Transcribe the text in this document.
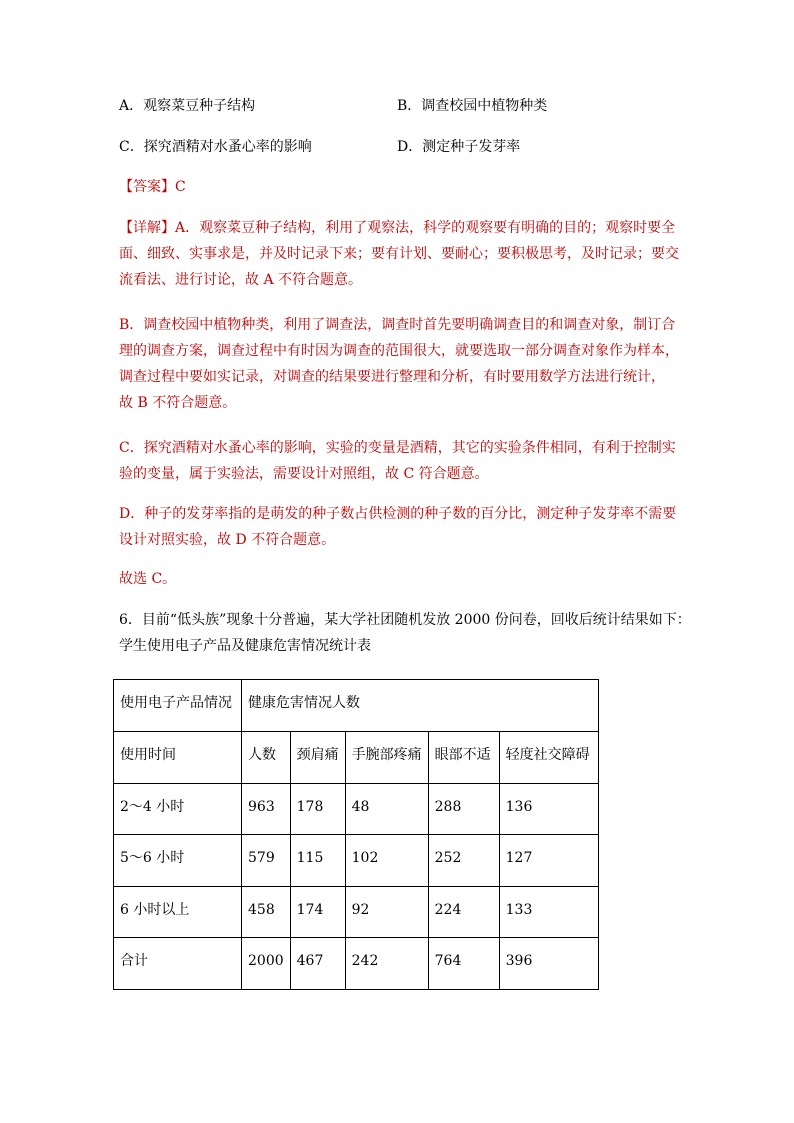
A．观察菜豆种子结构	B．调查校园中植物种类
C．探究酒精对水蚤心率的影响	D．测定种子发芽率
【答案】C
【详解】A．观察菜豆种子结构，利用了观察法，科学的观察要有明确的目的；观察时要全
面、细致、实事求是，并及时记录下来；要有计划、要耐心；要积极思考，及时记录；要交
流看法、进行讨论，故 A 不符合题意。
B．调查校园中植物种类，利用了调查法，调查时首先要明确调查目的和调查对象，制订合
理的调查方案，调查过程中有时因为调查的范围很大，就要选取一部分调查对象作为样本，
调查过程中要如实记录，对调查的结果要进行整理和分析，有时要用数学方法进行统计，
故 B 不符合题意。
C．探究酒精对水蚤心率的影响，实验的变量是酒精，其它的实验条件相同，有利于控制实
验的变量，属于实验法，需要设计对照组，故 C 符合题意。
D．种子的发芽率指的是萌发的种子数占供检测的种子数的百分比，测定种子发芽率不需要
设计对照实验，故 D 不符合题意。
故选 C。
6．目前“低头族”现象十分普遍，某大学社团随机发放 2000 份问卷，回收后统计结果如下：
学生使用电子产品及健康危害情况统计表
使用电子产品情况	健康危害情况人数				
使用时间	人数	颈肩痛	手腕部疼痛	眼部不适	轻度社交障碍
2～4 小时	963	178	48	288	136
5～6 小时	579	115	102	252	127
6 小时以上	458	174	92	224	133
合计	2000	467	242	764	396
